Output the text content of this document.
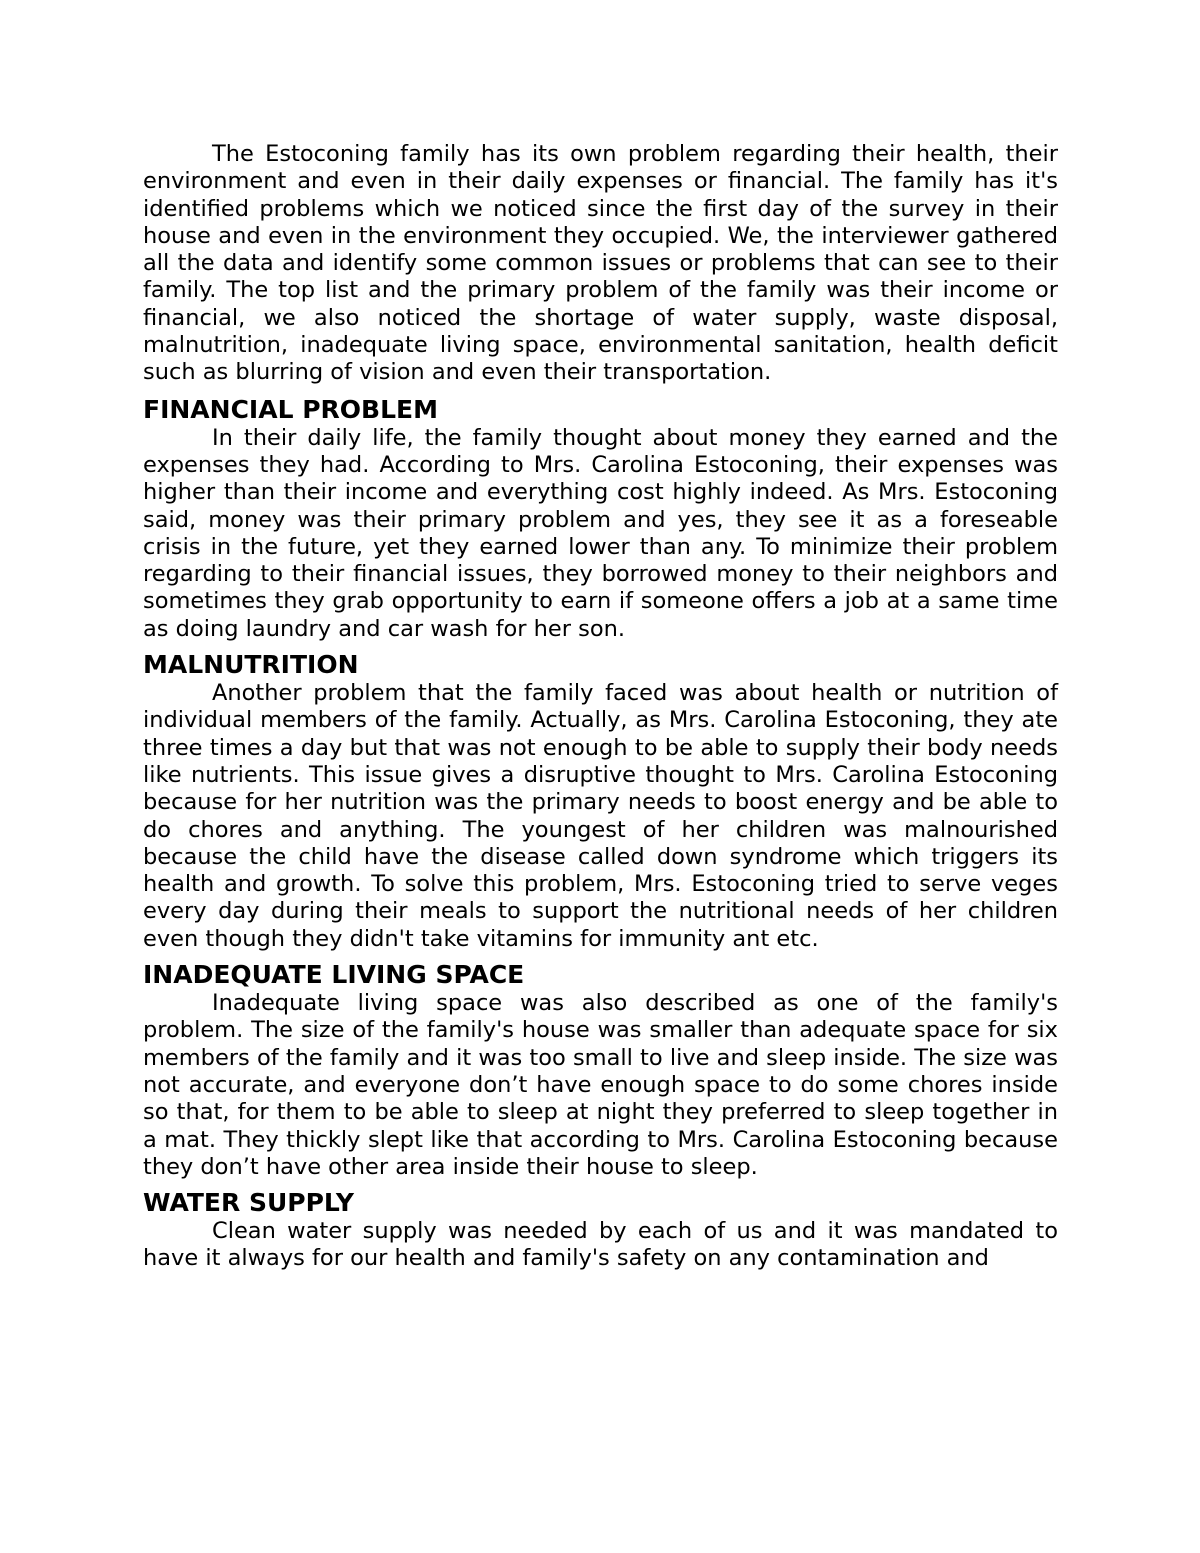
The Estoconing family has its own problem regarding their health, their environment and even in their daily expenses or financial. The family has it's identified problems which we noticed since the first day of the survey in their house and even in the environment they occupied. We, the interviewer gathered all the data and identify some common issues or problems that can see to their family. The top list and the primary problem of the family was their income or financial, we also noticed the shortage of water supply, waste disposal, malnutrition, inadequate living space, environmental sanitation, health deficit such as blurring of vision and even their transportation.

FINANCIAL PROBLEM

In their daily life, the family thought about money they earned and the expenses they had. According to Mrs. Carolina Estoconing, their expenses was higher than their income and everything cost highly indeed. As Mrs. Estoconing said, money was their primary problem and yes, they see it as a foreseable crisis in the future, yet they earned lower than any. To minimize their problem regarding to their financial issues, they borrowed money to their neighbors and sometimes they grab opportunity to earn if someone offers a job at a same time as doing laundry and car wash for her son.

MALNUTRITION

Another problem that the family faced was about health or nutrition of individual members of the family. Actually, as Mrs. Carolina Estoconing, they ate three times a day but that was not enough to be able to supply their body needs like nutrients. This issue gives a disruptive thought to Mrs. Carolina Estoconing because for her nutrition was the primary needs to boost energy and be able to do chores and anything. The youngest of her children was malnourished because the child have the disease called down syndrome which triggers its health and growth. To solve this problem, Mrs. Estoconing tried to serve veges every day during their meals to support the nutritional needs of her children even though they didn't take vitamins for immunity ant etc.

INADEQUATE LIVING SPACE

Inadequate living space was also described as one of the family's problem. The size of the family's house was smaller than adequate space for six members of the family and it was too small to live and sleep inside. The size was not accurate, and everyone don’t have enough space to do some chores inside so that, for them to be able to sleep at night they preferred to sleep together in a mat. They thickly slept like that according to Mrs. Carolina Estoconing because they don’t have other area inside their house to sleep.

WATER SUPPLY

Clean water supply was needed by each of us and it was mandated to have it always for our health and family's safety on any contamination and
